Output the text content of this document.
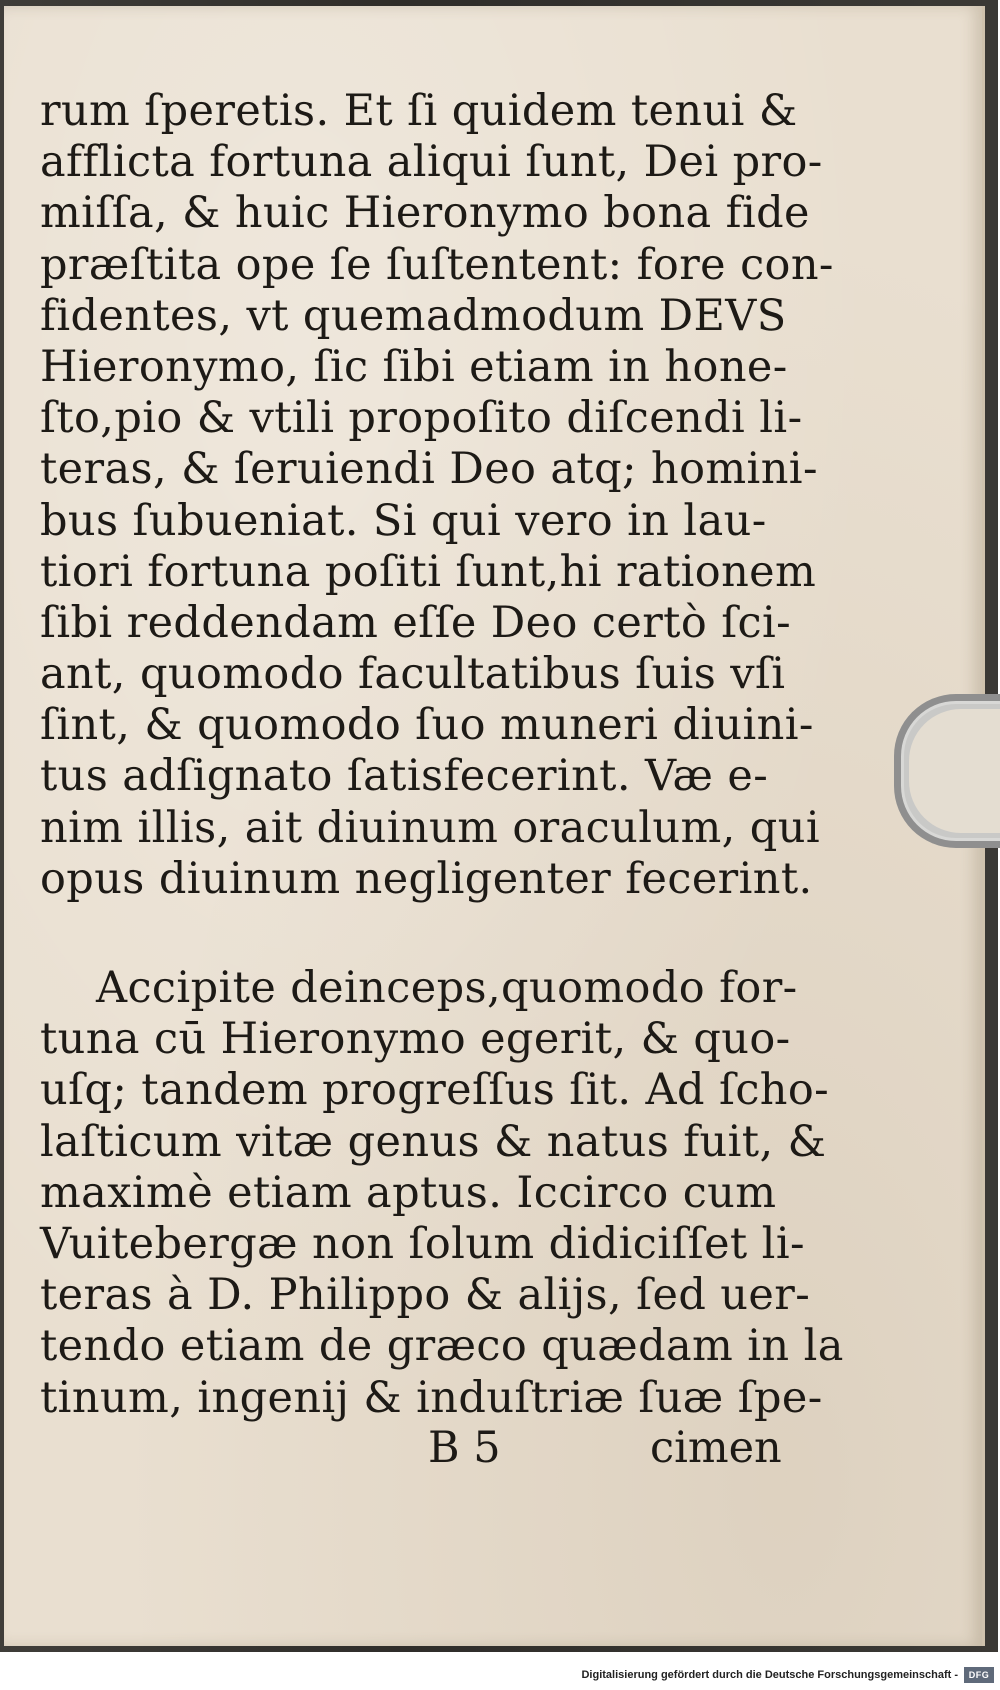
rum ſperetis. Et ſi quidem tenui &
afflicta fortuna aliqui ſunt, Dei pro-
miſſa, & huic Hieronymo bona fide
præſtita ope ſe ſuſtentent: fore con-
fidentes, vt quemadmodum DEVS
Hieronymo, ſic ſibi etiam in hone-
ſto,pio & vtili propoſito diſcendi li-
teras, & ſeruiendi Deo atq; homini-
bus ſubueniat. Si qui vero in lau-
tiori fortuna poſiti ſunt,hi rationem
ſibi reddendam eſſe Deo certò ſci-
ant, quomodo facultatibus ſuis vſi
ſint, & quomodo ſuo muneri diuini-
tus adſignato ſatisfecerint. Væ e-
nim illis, ait diuinum oraculum, qui
opus diuinum negligenter fecerint.
Accipite deinceps,quomodo for-
tuna cū Hieronymo egerit, & quo-
uſq; tandem progreſſus ſit. Ad ſcho-
laſticum vitæ genus & natus fuit, &
maximè etiam aptus. Iccirco cum
Vuitebergæ non ſolum didiciſſet li-
teras à D. Philippo & alijs, ſed uer-
tendo etiam de græco quædam in la
tinum, ingenij & induſtriæ ſuæ ſpe-
B 5	cimen
Digitalisierung gefördert durch die Deutsche Forschungsgemeinschaft -	DFG
